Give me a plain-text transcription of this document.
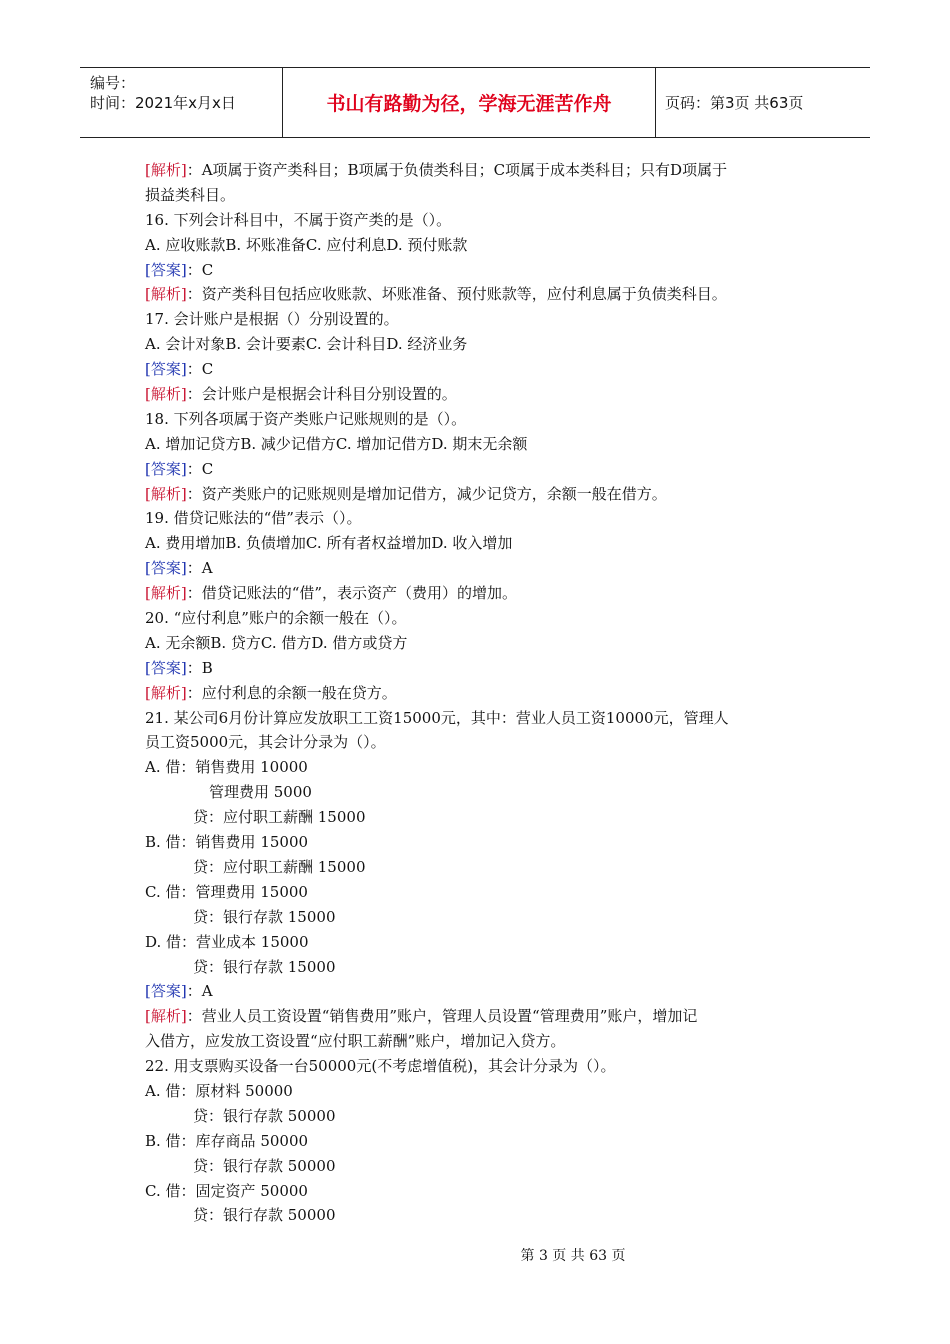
编号：
时间：2021年x月x日	书山有路勤为径，学海无涯苦作舟	页码：第3页 共63页
[解析]：A项属于资产类科目；B项属于负债类科目；C项属于成本类科目；只有D项属于
损益类科目。
16. 下列会计科目中，不属于资产类的是（）。
A. 应收账款B. 坏账准备C. 应付利息D. 预付账款
[答案]：C
[解析]：资产类科目包括应收账款、坏账准备、预付账款等，应付利息属于负债类科目。
17. 会计账户是根据（）分别设置的。
A. 会计对象B. 会计要素C. 会计科目D. 经济业务
[答案]：C
[解析]：会计账户是根据会计科目分别设置的。
18. 下列各项属于资产类账户记账规则的是（）。
A. 增加记贷方B. 减少记借方C. 增加记借方D. 期末无余额
[答案]：C
[解析]：资产类账户的记账规则是增加记借方，减少记贷方，余额一般在借方。
19. 借贷记账法的“借”表示（）。
A. 费用增加B. 负债增加C. 所有者权益增加D. 收入增加
[答案]：A
[解析]：借贷记账法的“借”，表示资产（费用）的增加。
20. “应付利息”账户的余额一般在（）。
A. 无余额B. 贷方C. 借方D. 借方或贷方
[答案]：B
[解析]：应付利息的余额一般在贷方。
21. 某公司6月份计算应发放职工工资15000元，其中：营业人员工资10000元，管理人
员工资5000元，其会计分录为（）。
A. 借：销售费用 10000
管理费用 5000
贷：应付职工薪酬 15000
B. 借：销售费用 15000
贷：应付职工薪酬 15000
C. 借：管理费用 15000
贷：银行存款 15000
D. 借：营业成本 15000
贷：银行存款 15000
[答案]：A
[解析]：营业人员工资设置“销售费用”账户，管理人员设置“管理费用”账户，增加记
入借方，应发放工资设置“应付职工薪酬”账户，增加记入贷方。
22. 用支票购买设备一台50000元(不考虑增值税)，其会计分录为（）。
A. 借：原材料 50000
贷：银行存款 50000
B. 借：库存商品 50000
贷：银行存款 50000
C. 借：固定资产 50000
贷：银行存款 50000
第 3 页 共 63 页
